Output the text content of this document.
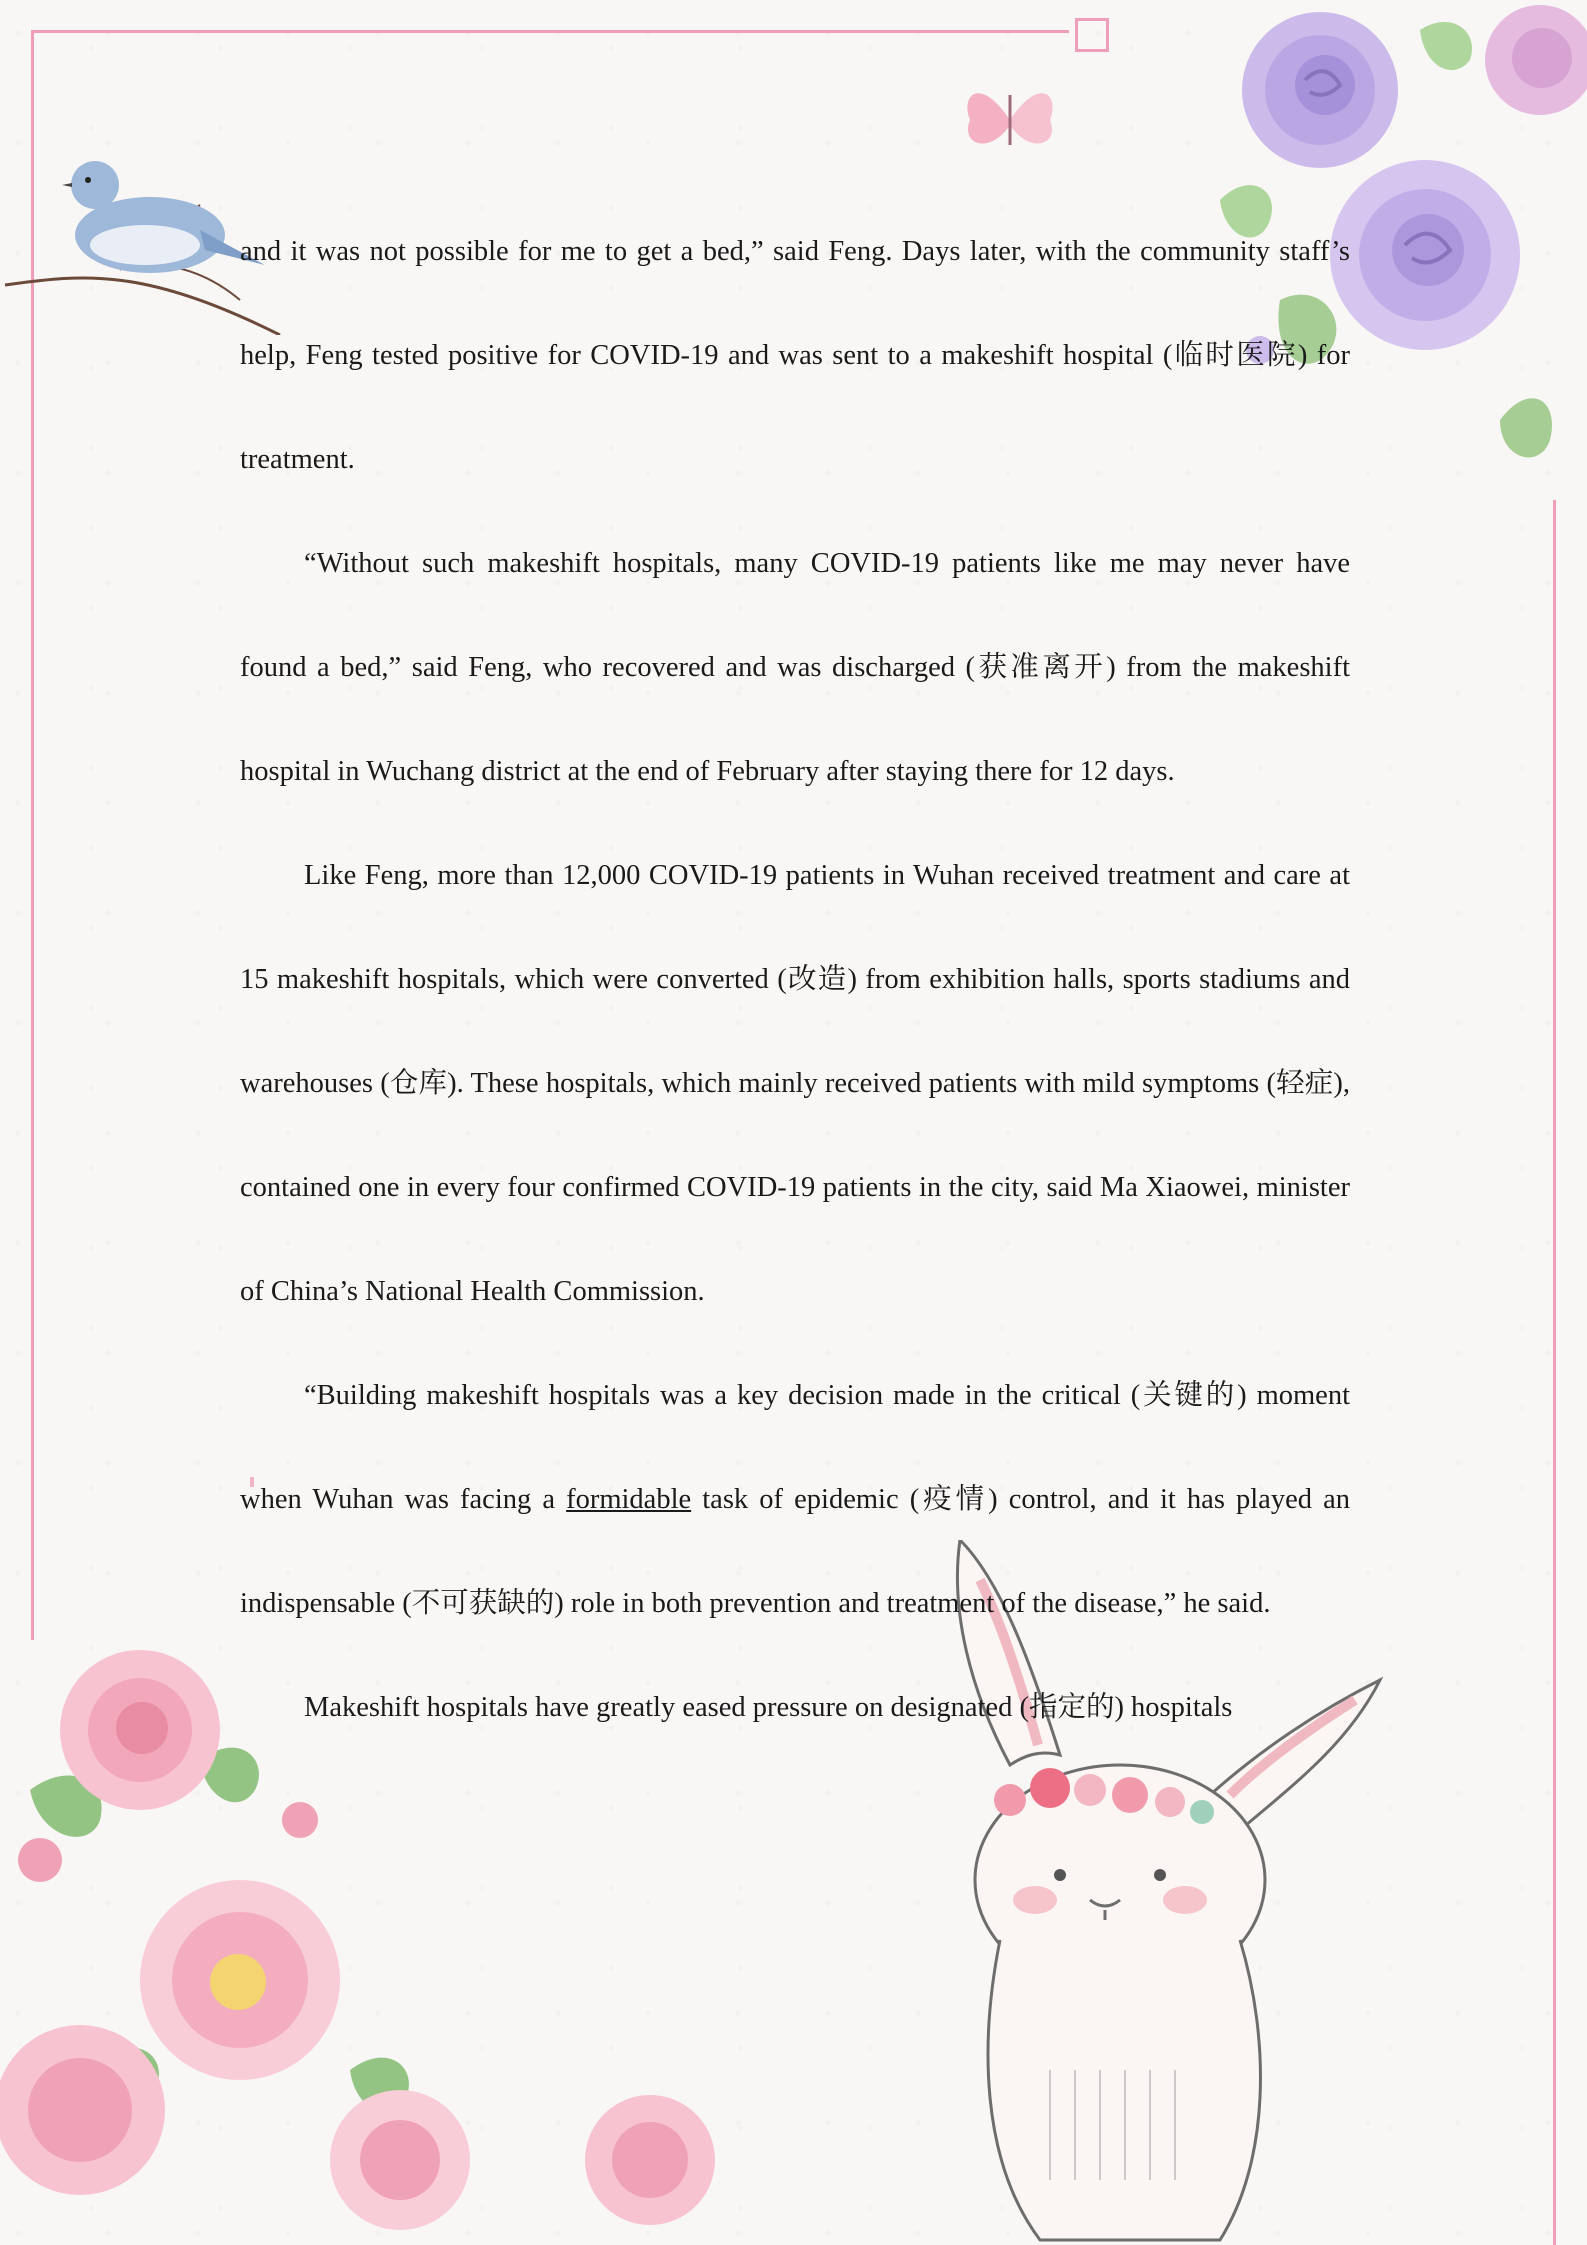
and it was not possible for me to get a bed,” said Feng. Days later, with the community staff’s help, Feng tested positive for COVID-19 and was sent to a makeshift hospital (临时医院) for treatment.

“Without such makeshift hospitals, many COVID-19 patients like me may never have found a bed,” said Feng, who recovered and was discharged (获准离开) from the makeshift hospital in Wuchang district at the end of February after staying there for 12 days.

Like Feng, more than 12,000 COVID-19 patients in Wuhan received treatment and care at 15 makeshift hospitals, which were converted (改造) from exhibition halls, sports stadiums and warehouses (仓库). These hospitals, which mainly received patients with mild symptoms (轻症), contained one in every four confirmed COVID-19 patients in the city, said Ma Xiaowei, minister of China’s National Health Commission.

“Building makeshift hospitals was a key decision made in the critical (关键的) moment when Wuhan was facing a formidable task of epidemic (疫情) control, and it has played an indispensable (不可获缺的) role in both prevention and treatment of the disease,” he said.

Makeshift hospitals have greatly eased pressure on designated (指定的) hospitals
